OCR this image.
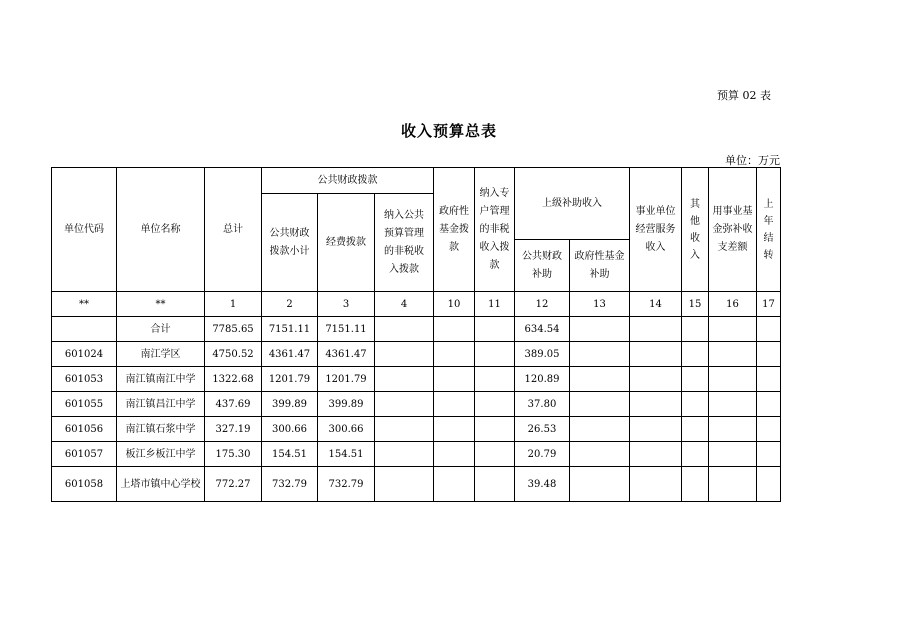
预算 02 表
收入预算总表
单位：万元
单位代码	单位名称	总计	公共财政拨款			政府性基金拨款	纳入专户管理的非税收入拨款	上级补助收入		事业单位经营服务收入	其他收入	用事业基金弥补收支差额	上年结转

			公共财政拨款小计	经费拨款	纳入公共预算管理的非税收入拨款								

								公共财政补助	政府性基金补助				

**	**	1	2	3	4	10	11	12	13	14	15	16	17
	合计	7785.65	7151.11	7151.11				634.54					
601024	南江学区	4750.52	4361.47	4361.47				389.05					
601053	南江镇南江中学	1322.68	1201.79	1201.79				120.89					
601055	南江镇昌江中学	437.69	399.89	399.89				37.80					
601056	南江镇石浆中学	327.19	300.66	300.66				26.53					
601057	板江乡板江中学	175.30	154.51	154.51				20.79					
601058	上塔市镇中心学校	772.27	732.79	732.79				39.48					
